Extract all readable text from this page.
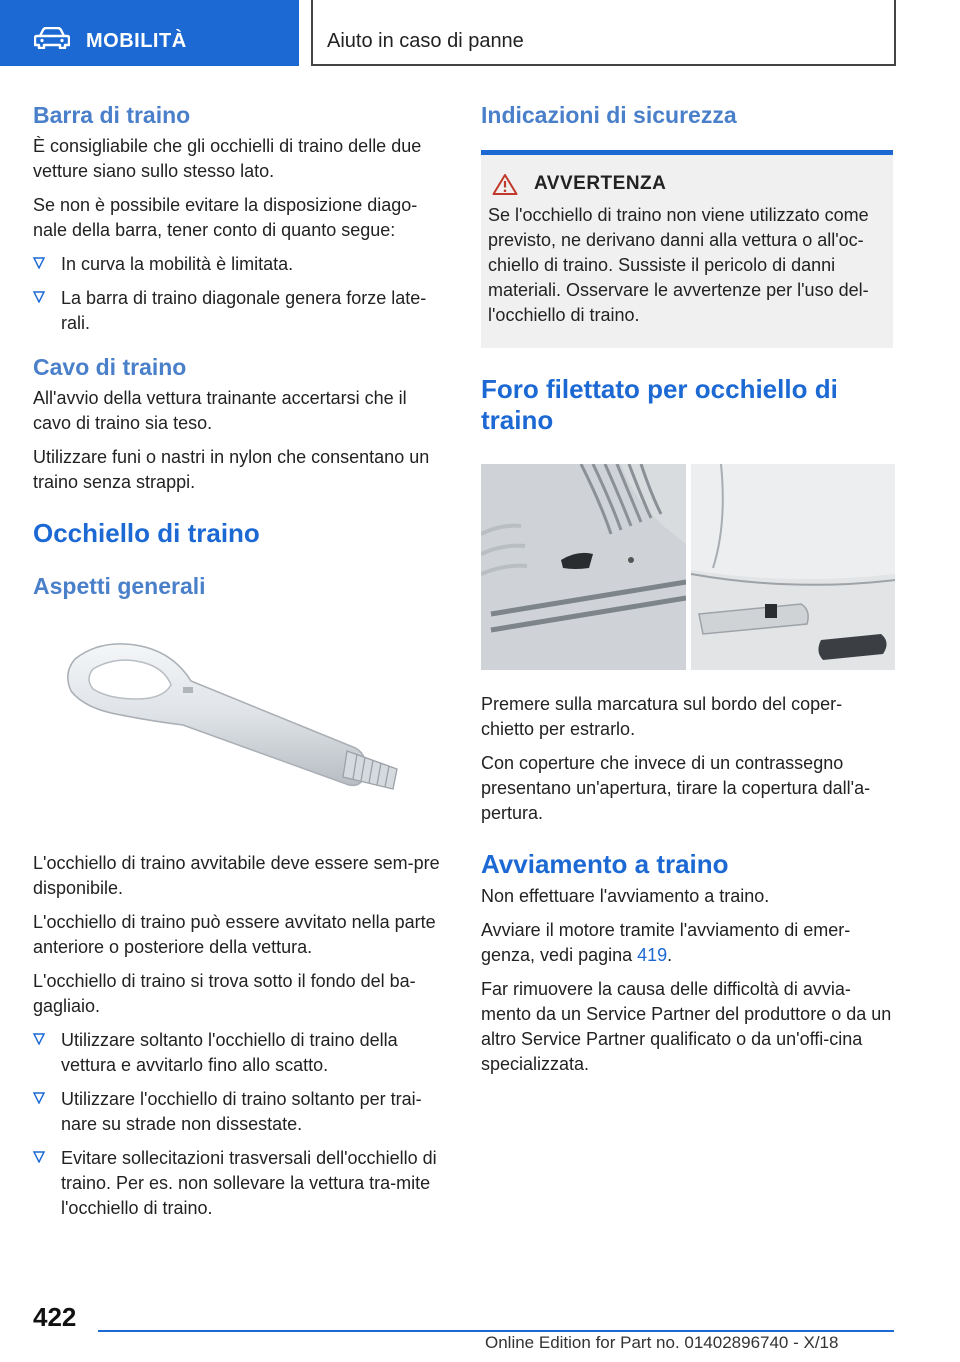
MOBILITÀ	Aiuto in caso di panne
Barra di traino

È consigliabile che gli occhielli di traino delle due vetture siano sullo stesso lato.

Se non è possibile evitare la disposizione diago-nale della barra, tener conto di quanto segue:

In curva la mobilità è limitata.
La barra di traino diagonale genera forze late-rali.
Cavo di traino

All'avvio della vettura trainante accertarsi che il cavo di traino sia teso.

Utilizzare funi o nastri in nylon che consentano un traino senza strappi.

Occhiello di traino
Aspetti generali

L'occhiello di traino avvitabile deve essere sem-pre disponibile.

L'occhiello di traino può essere avvitato nella parte anteriore o posteriore della vettura.

L'occhiello di traino si trova sotto il fondo del ba-gagliaio.

Utilizzare soltanto l'occhiello di traino della vettura e avvitarlo fino allo scatto.
Utilizzare l'occhiello di traino soltanto per trai-nare su strade non dissestate.
Evitare sollecitazioni trasversali dell'occhiello di traino. Per es. non sollevare la vettura tra-mite l'occhiello di traino.
Indicazioni di sicurezza
AVVERTENZA

Se l'occhiello di traino non viene utilizzato come previsto, ne derivano danni alla vettura o all'oc-chiello di traino. Sussiste il pericolo di danni materiali. Osservare le avvertenze per l'uso del-l'occhiello di traino.

Foro filettato per occhiello di traino

Premere sulla marcatura sul bordo del coper-chietto per estrarlo.

Con coperture che invece di un contrassegno presentano un'apertura, tirare la copertura dall'a-pertura.

Avviamento a traino

Non effettuare l'avviamento a traino.

Avviare il motore tramite l'avviamento di emer-genza, vedi pagina 419.

Far rimuovere la causa delle difficoltà di avvia-mento da un Service Partner del produttore o da un altro Service Partner qualificato o da un'offi-cina specializzata.

422
Online Edition for Part no. 01402896740 - X/18
